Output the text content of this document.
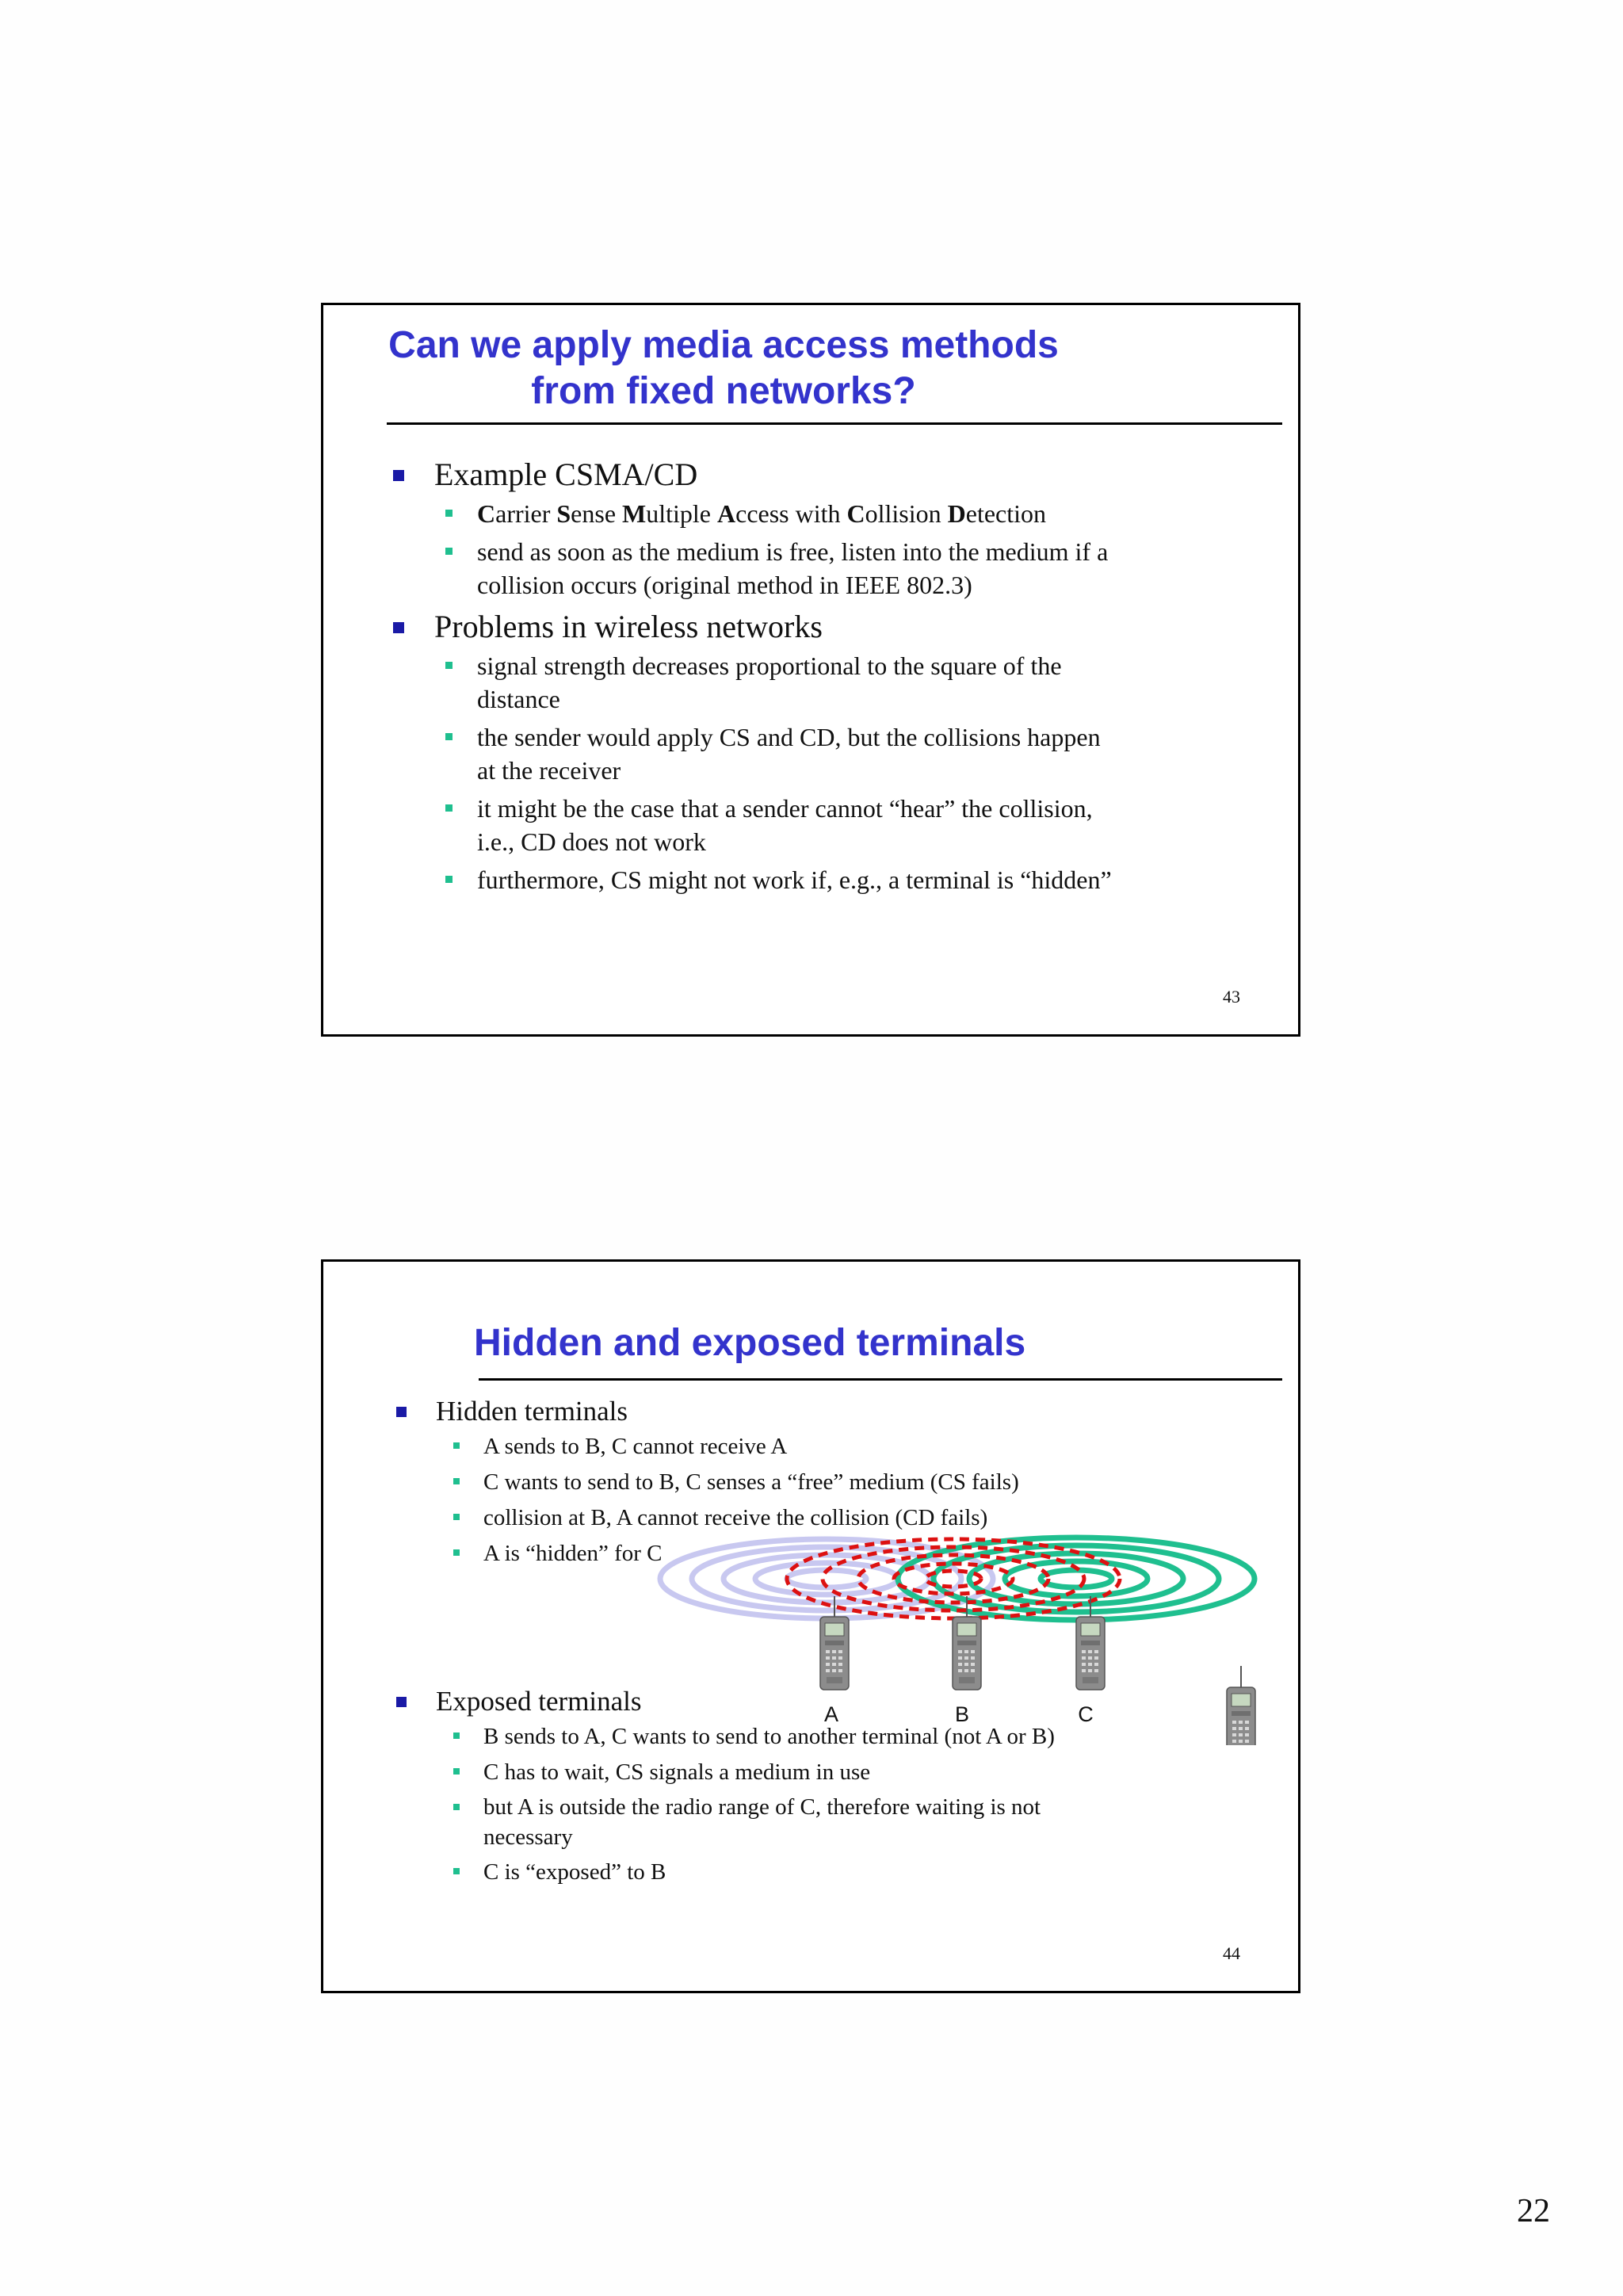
Can we apply media access methods
from fixed networks?
Example CSMA/CD
Carrier Sense Multiple Access with Collision Detection
send as soon as the medium is free, listen into the medium if a
collision occurs (original method in IEEE 802.3)
Problems in wireless networks
signal strength decreases proportional to the square of the
distance
the sender would apply CS and CD, but the collisions happen
at the receiver
it might be the case that a sender cannot “hear” the collision,
i.e., CD does not work
furthermore, CS might not work if, e.g., a terminal is “hidden”
43
Hidden and exposed terminals
Hidden terminals
A sends to B, C cannot receive A
C wants to send to B, C senses a “free” medium (CS fails)
collision at B, A cannot receive the collision (CD fails)
A is “hidden” for C
A	B	C
Exposed terminals
B sends to A, C wants to send to another terminal (not A or B)
C has to wait, CS signals a medium in use
but A is outside the radio range of C, therefore waiting is not
necessary
C is “exposed” to B
44
22
